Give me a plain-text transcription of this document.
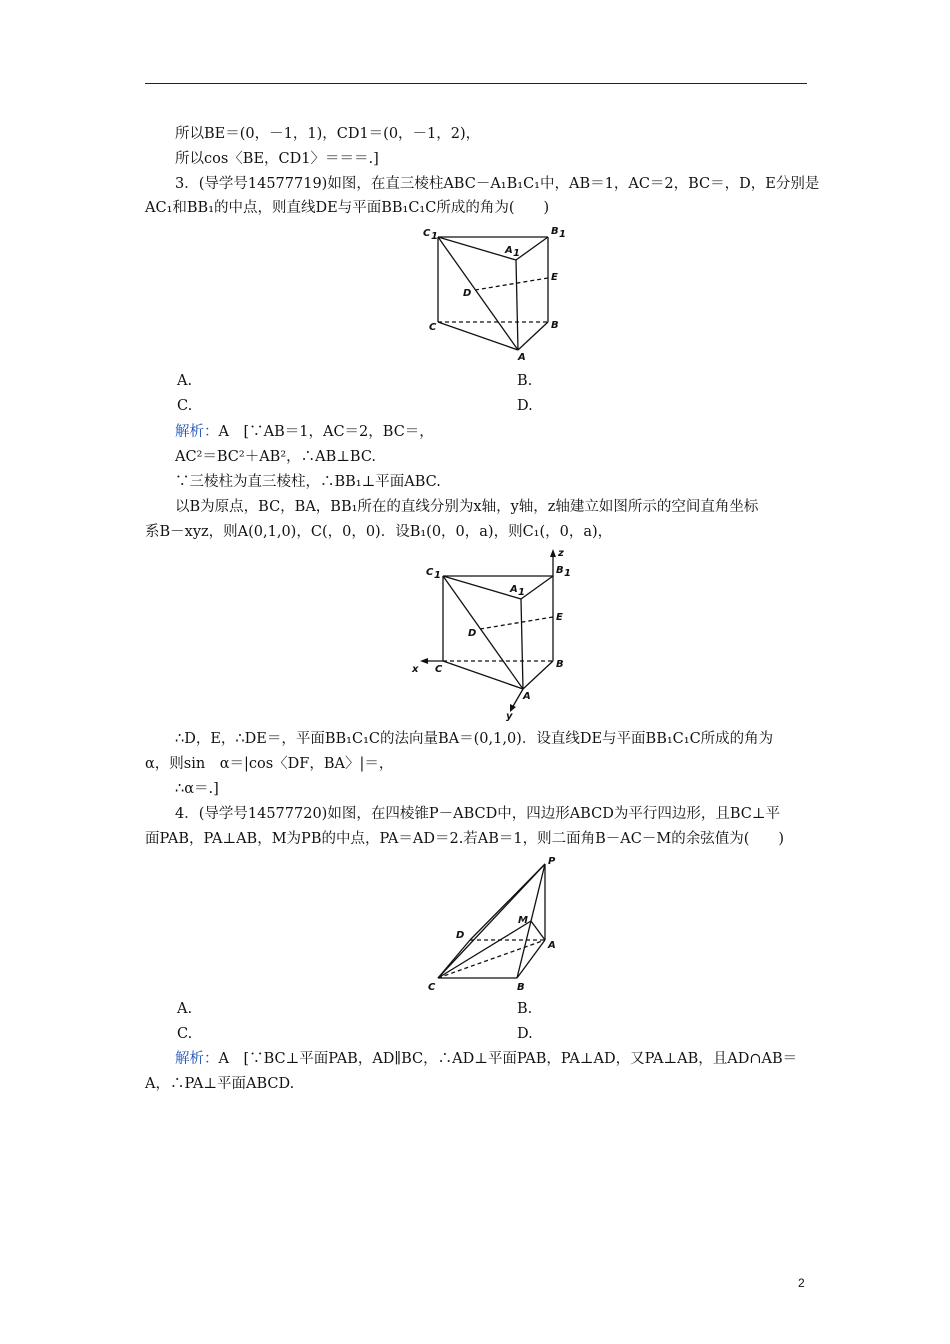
所以BE＝(0，－1，1)，CD1＝(0，－1，2)，
所以cos〈BE，CD1〉＝＝＝.]
3．(导学号14577719)如图，在直三棱柱ABC－A₁B₁C₁中，AB＝1，AC＝2，BC＝，D，E分别是
AC₁和BB₁的中点，则直线DE与平面BB₁C₁C所成的角为(　　)
C 1
A 1
B 1
D
E
C	B
A
A.	B.
C.	D.
解析：A　[∵AB＝1，AC＝2，BC＝，
AC²＝BC²＋AB²，∴AB⊥BC.
∵三棱柱为直三棱柱，∴BB₁⊥平面ABC.
以B为原点，BC，BA，BB₁所在的直线分别为x轴，y轴，z轴建立如图所示的空间直角坐标
系B－xyz，则A(0,1,0)，C(，0，0)．设B₁(0，0，a)，则C₁(，0，a)，
z
x
y
C 1
A 1
B 1
D
E
C	B
A
∴D，E，∴DE＝，平面BB₁C₁C的法向量BA＝(0,1,0)．设直线DE与平面BB₁C₁C所成的角为
α，则sin　α＝|cos〈DF，BA〉|＝，
∴α＝.]
4．(导学号14577720)如图，在四棱锥P－ABCD中，四边形ABCD为平行四边形，且BC⊥平
面PAB，PA⊥AB，M为PB的中点，PA＝AD＝2.若AB＝1，则二面角B－AC－M的余弦值为(　　)
P
M
D
A
C	B
A.	B.
C.	D.
解析：A　[∵BC⊥平面PAB，AD∥BC，∴AD⊥平面PAB，PA⊥AD，又PA⊥AB，且AD∩AB＝
A，∴PA⊥平面ABCD.
2
